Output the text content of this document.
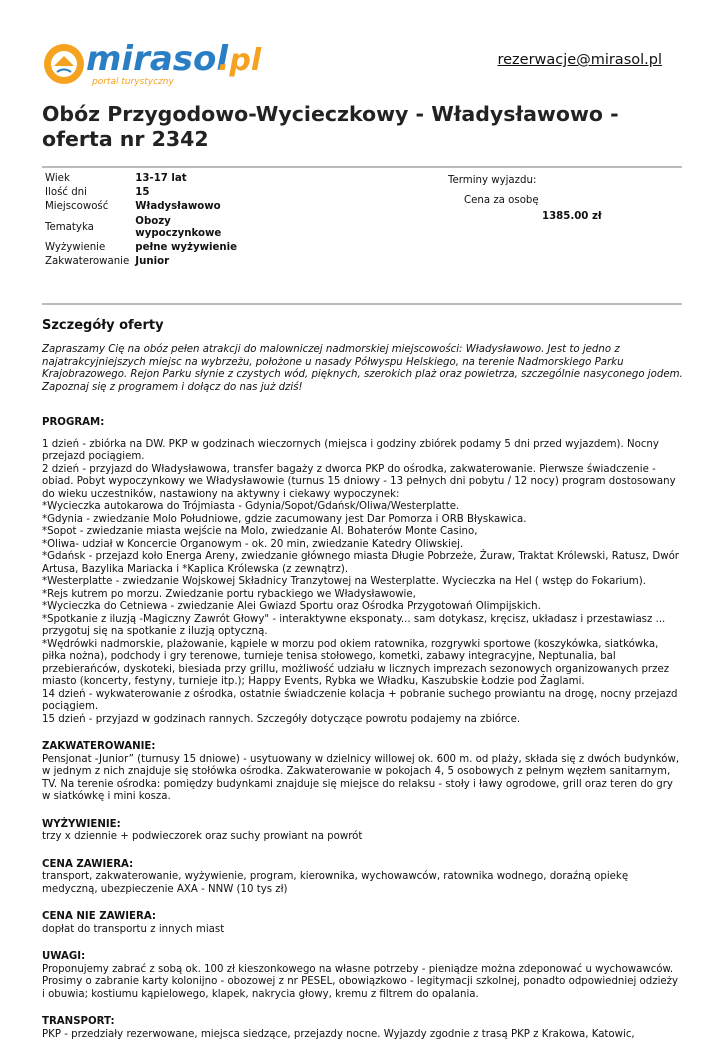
mirasol
.pl
portal turystyczny
rezerwacje@mirasol.pl
Obóz Przygodowo-Wycieczkowy - Władysławowo - oferta nr 2342
Wiek	13-17 lat
Ilość dni	15
Miejscowość	Władysławowo
Tematyka	Obozy wypoczynkowe
Wyżywienie	pełne wyżywienie
Zakwaterowanie	Junior
Terminy wyjazdu:
Cena za osobę
1385.00 zł
Szczegóły oferty

Zapraszamy Cię na obóz pełen atrakcji do malowniczej nadmorskiej miejscowości: Władysławowo. Jest to jedno z najatrakcyjniejszych miejsc na wybrzeżu, położone u nasady Półwyspu Helskiego, na terenie Nadmorskiego Parku Krajobrazowego. Rejon Parku słynie z czystych wód, pięknych, szerokich plaż oraz powietrza, szczególnie nasyconego jodem. Zapoznaj się z programem i dołącz do nas już dziś!

PROGRAM:

1 dzień - zbiórka na DW. PKP w godzinach wieczornych (miejsca i godziny zbiórek podamy 5 dni przed wyjazdem). Nocny przejazd pociągiem.

2 dzień - przyjazd do Władysławowa, transfer bagaży z dworca PKP do ośrodka, zakwaterowanie. Pierwsze świadczenie - obiad. Pobyt wypoczynkowy we Władysławowie (turnus 15 dniowy - 13 pełnych dni pobytu / 12 nocy) program dostosowany do wieku uczestników, nastawiony na aktywny i ciekawy wypoczynek:

*Wycieczka autokarowa do Trójmiasta - Gdynia/Sopot/Gdańsk/Oliwa/Westerplatte.

*Gdynia - zwiedzanie Molo Południowe, gdzie zacumowany jest Dar Pomorza i ORB Błyskawica.

*Sopot - zwiedzanie miasta wejście na Molo, zwiedzanie Al. Bohaterów Monte Casino,

*Oliwa- udział w Koncercie Organowym - ok. 20 min, zwiedzanie Katedry Oliwskiej.

*Gdańsk - przejazd koło Energa Areny, zwiedzanie głównego miasta Długie Pobrzeże, Żuraw, Traktat Królewski, Ratusz, Dwór Artusa, Bazylika Mariacka i *Kaplica Królewska (z zewnątrz).

*Westerplatte - zwiedzanie Wojskowej Składnicy Tranzytowej na Westerplatte. Wycieczka na Hel ( wstęp do Fokarium).

*Rejs kutrem po morzu. Zwiedzanie portu rybackiego we Władysławowie,

*Wycieczka do Cetniewa - zwiedzanie Alei Gwiazd Sportu oraz Ośrodka Przygotowań Olimpijskich.

*Spotkanie z iluzją -Magiczny Zawrót Głowy" - interaktywne eksponaty... sam dotykasz, kręcisz, układasz i przestawiasz ... przygotuj się na spotkanie z iluzją optyczną.

*Wędrówki nadmorskie, plażowanie, kąpiele w morzu pod okiem ratownika, rozgrywki sportowe (koszykówka, siatkówka, piłka nożna), podchody i gry terenowe, turnieje tenisa stołowego, kometki, zabawy integracyjne, Neptunalia, bal przebierańców, dyskoteki, biesiada przy grillu, możliwość udziału w licznych imprezach sezonowych organizowanych przez miasto (koncerty, festyny, turnieje itp.); Happy Events, Rybka we Władku, Kaszubskie Łodzie pod Żaglami.

14 dzień - wykwaterowanie z ośrodka, ostatnie świadczenie kolacja + pobranie suchego prowiantu na drogę, nocny przejazd pociągiem.

15 dzień - przyjazd w godzinach rannych. Szczegóły dotyczące powrotu podajemy na zbiórce.

ZAKWATEROWANIE:

Pensjonat -Junior” (turnusy 15 dniowe) - usytuowany w dzielnicy willowej ok. 600 m. od plaży, składa się z dwóch budynków, w jednym z nich znajduje się stołówka ośrodka. Zakwaterowanie w pokojach 4, 5 osobowych z pełnym węzłem sanitarnym, TV. Na terenie ośrodka: pomiędzy budynkami znajduje się miejsce do relaksu - stoły i ławy ogrodowe, grill oraz teren do gry w siatkówkę i mini kosza.

WYŻYWIENIE:

trzy x dziennie + podwieczorek oraz suchy prowiant na powrót

CENA ZAWIERA:

transport, zakwaterowanie, wyżywienie, program, kierownika, wychowawców, ratownika wodnego, doraźną opiekę medyczną, ubezpieczenie AXA - NNW (10 tys zł)

CENA NIE ZAWIERA:

dopłat do transportu z innych miast

UWAGI:

Proponujemy zabrać z sobą ok. 100 zł kieszonkowego na własne potrzeby - pieniądze można zdeponować u wychowawców. Prosimy o zabranie karty kolonijno - obozowej z nr PESEL, obowiązkowo - legitymacji szkolnej, ponadto odpowiedniej odzieży i obuwia; kostiumu kąpielowego, klapek, nakrycia głowy, kremu z filtrem do opalania.

TRANSPORT:

PKP - przedziały rezerwowane, miejsca siedzące, przejazdy nocne. Wyjazdy zgodnie z trasą PKP z Krakowa, Katowic,
